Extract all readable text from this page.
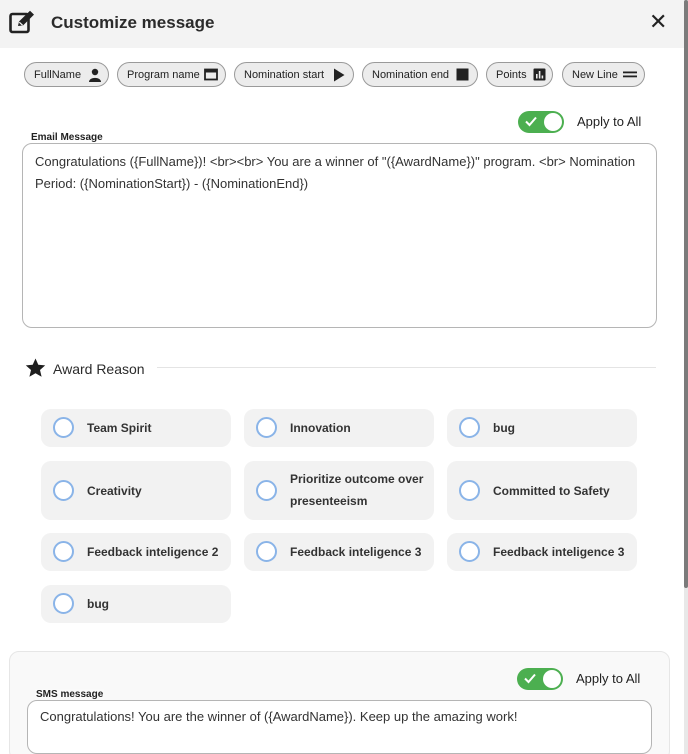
Customize message	✕
FullName	Program name	Nomination start	Nomination end	Points	New Line
Apply to All
Congratulations ({FullName})! <br><br> You are a winner of "({AwardName})" program. <br> Nomination Period: ({NominationStart}) - ({NominationEnd})
Email Message
Award Reason
Team Spirit	Innovation	bug
Creativity
Prioritize outcome over presenteeism
Committed to Safety
Feedback inteligence 2	Feedback inteligence 3	Feedback inteligence 3
bug
Apply to All
Congratulations! You are the winner of ({AwardName}). Keep up the amazing work!
SMS message
